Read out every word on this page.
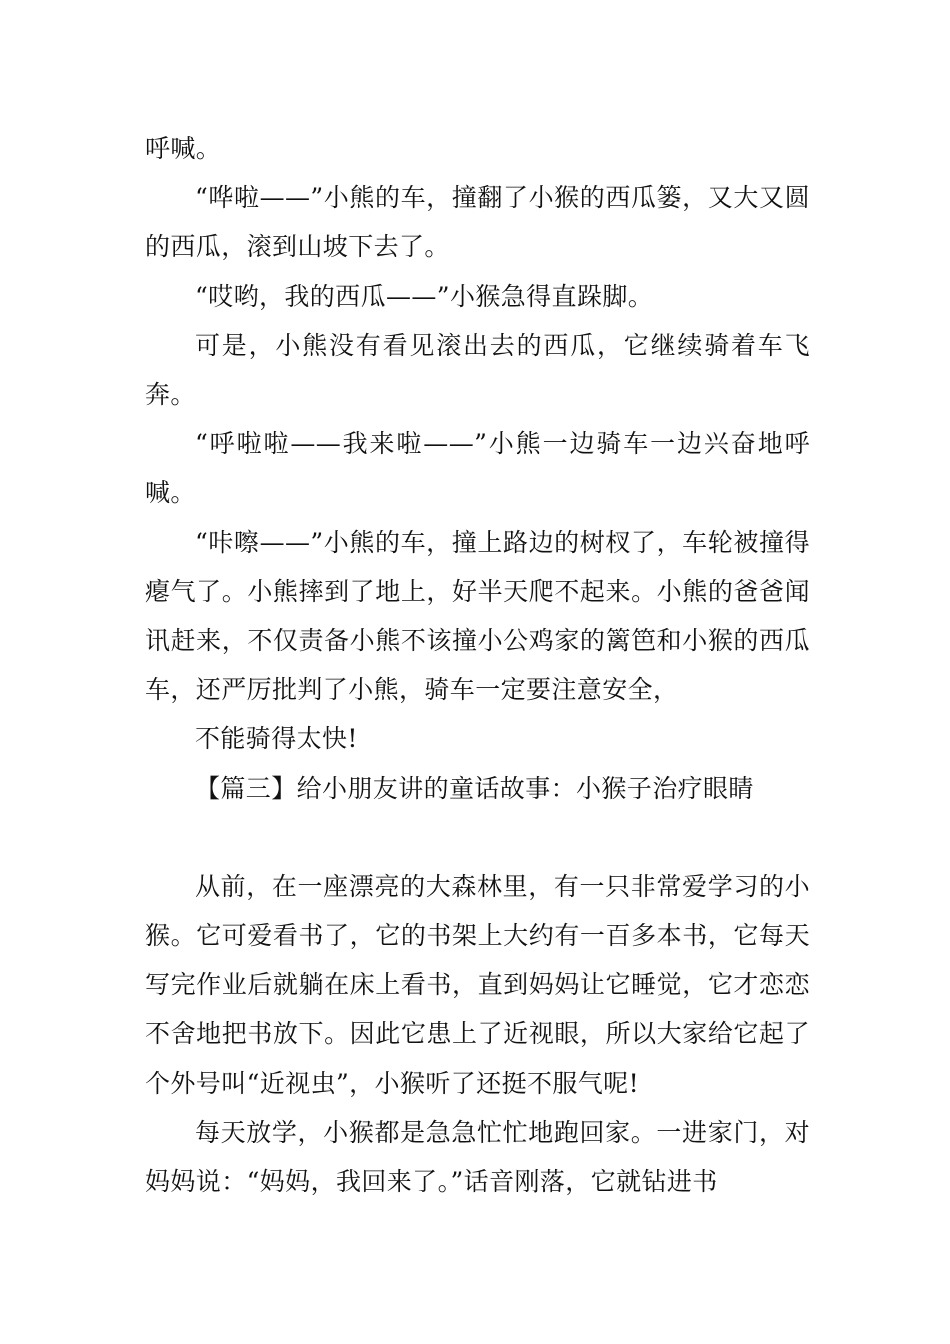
呼喊。

“哗啦——”小熊的车，撞翻了小猴的西瓜篓，又大又圆的西瓜，滚到山坡下去了。

“哎哟，我的西瓜——”小猴急得直跺脚。

可是，小熊没有看见滚出去的西瓜，它继续骑着车飞奔。

“呼啦啦——我来啦——”小熊一边骑车一边兴奋地呼喊。

“咔嚓——”小熊的车，撞上路边的树杈了，车轮被撞得瘪气了。小熊摔到了地上，好半天爬不起来。小熊的爸爸闻讯赶来，不仅责备小熊不该撞小公鸡家的篱笆和小猴的西瓜车，还严厉批判了小熊，骑车一定要注意安全，

不能骑得太快!

【篇三】给小朋友讲的童话故事：小猴子治疗眼睛

从前，在一座漂亮的大森林里，有一只非常爱学习的小猴。它可爱看书了，它的书架上大约有一百多本书，它每天写完作业后就躺在床上看书，直到妈妈让它睡觉，它才恋恋不舍地把书放下。因此它患上了近视眼，所以大家给它起了个外号叫“近视虫”，小猴听了还挺不服气呢!

每天放学，小猴都是急急忙忙地跑回家。一进家门，对妈妈说：“妈妈，我回来了。”话音刚落，它就钻进书
